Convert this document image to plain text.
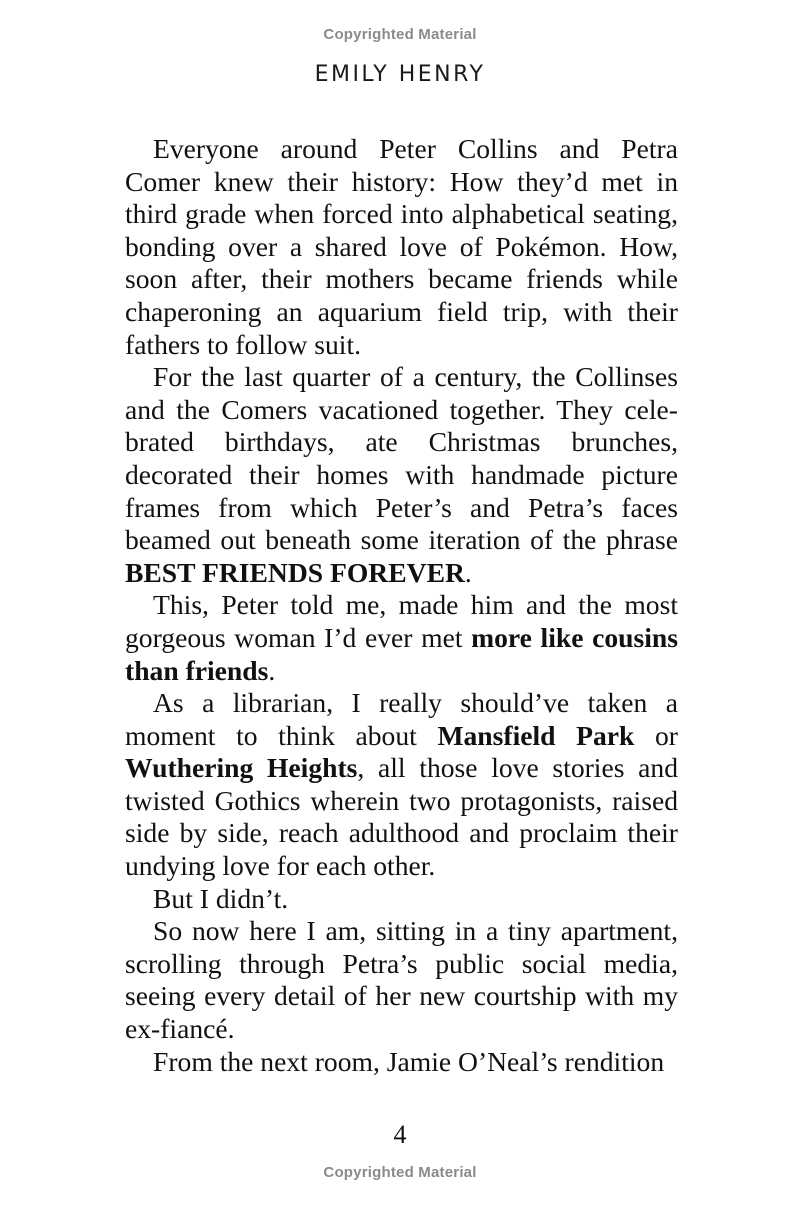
Copyrighted Material
EMILY HENRY

Everyone around Peter Collins and Petra Comer knew their history: How they’d met in third grade when forced into alphabetical seating, bonding over a shared love of Pokémon. How, soon after, their mothers became friends while chaperoning an aquarium field trip, with their fathers to follow suit.

For the last quarter of a century, the Collinses and the Comers vacationed together. They celebrated birthdays, ate Christmas brunches, decorated their homes with handmade picture frames from which Peter’s and Petra’s faces beamed out beneath some iteration of the phrase BEST FRIENDS FOREVER.

This, Peter told me, made him and the most gorgeous woman I’d ever met more like cousins than friends.

As a librarian, I really should’ve taken a moment to think about Mansfield Park or Wuthering Heights, all those love stories and twisted Gothics wherein two protagonists, raised side by side, reach adulthood and proclaim their undying love for each other.

But I didn’t.

So now here I am, sitting in a tiny apartment, scrolling through Petra’s public social media, seeing every detail of her new courtship with my ex-fiancé.

From the next room, Jamie O’Neal’s rendition

4
Copyrighted Material
